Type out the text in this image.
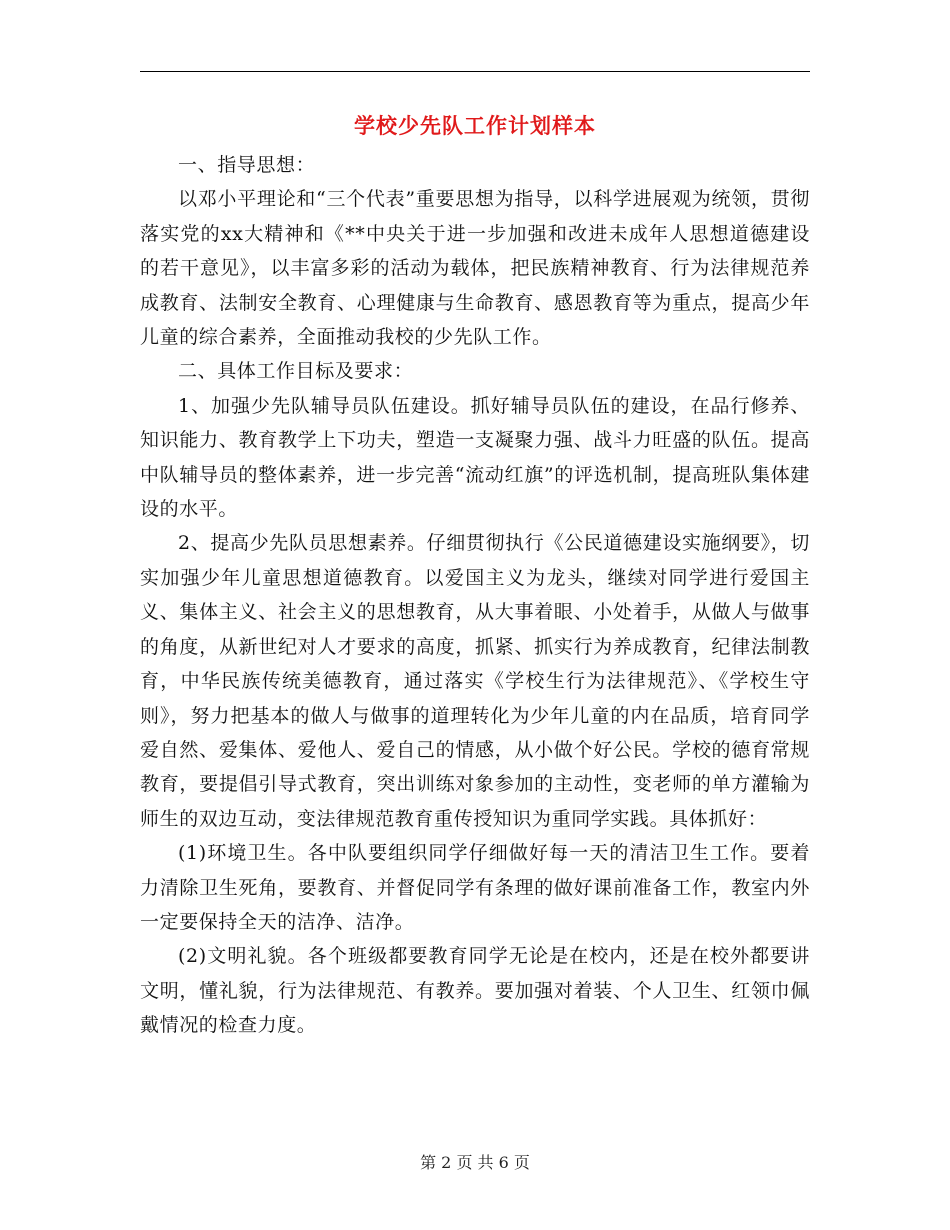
学校少先队工作计划样本

一、指导思想：

以邓小平理论和“三个代表”重要思想为指导，以科学进展观为统领，贯彻落实党的xx大精神和《**中央关于进一步加强和改进未成年人思想道德建设的若干意见》，以丰富多彩的活动为载体，把民族精神教育、行为法律规范养成教育、法制安全教育、心理健康与生命教育、感恩教育等为重点，提高少年儿童的综合素养，全面推动我校的少先队工作。

二、具体工作目标及要求：

1、加强少先队辅导员队伍建设。抓好辅导员队伍的建设，在品行修养、知识能力、教育教学上下功夫，塑造一支凝聚力强、战斗力旺盛的队伍。提高中队辅导员的整体素养，进一步完善“流动红旗”的评选机制，提高班队集体建设的水平。

2、提高少先队员思想素养。仔细贯彻执行《公民道德建设实施纲要》，切实加强少年儿童思想道德教育。以爱国主义为龙头，继续对同学进行爱国主义、集体主义、社会主义的思想教育，从大事着眼、小处着手，从做人与做事的角度，从新世纪对人才要求的高度，抓紧、抓实行为养成教育，纪律法制教育，中华民族传统美德教育，通过落实《学校生行为法律规范》、《学校生守则》，努力把基本的做人与做事的道理转化为少年儿童的内在品质，培育同学爱自然、爱集体、爱他人、爱自己的情感，从小做个好公民。学校的德育常规教育，要提倡引导式教育，突出训练对象参加的主动性，变老师的单方灌输为师生的双边互动，变法律规范教育重传授知识为重同学实践。具体抓好：

(1)环境卫生。各中队要组织同学仔细做好每一天的清洁卫生工作。要着力清除卫生死角，要教育、并督促同学有条理的做好课前准备工作，教室内外一定要保持全天的洁净、洁净。

(2)文明礼貌。各个班级都要教育同学无论是在校内，还是在校外都要讲文明，懂礼貌，行为法律规范、有教养。要加强对着装、个人卫生、红领巾佩戴情况的检查力度。

第 2 页 共 6 页
